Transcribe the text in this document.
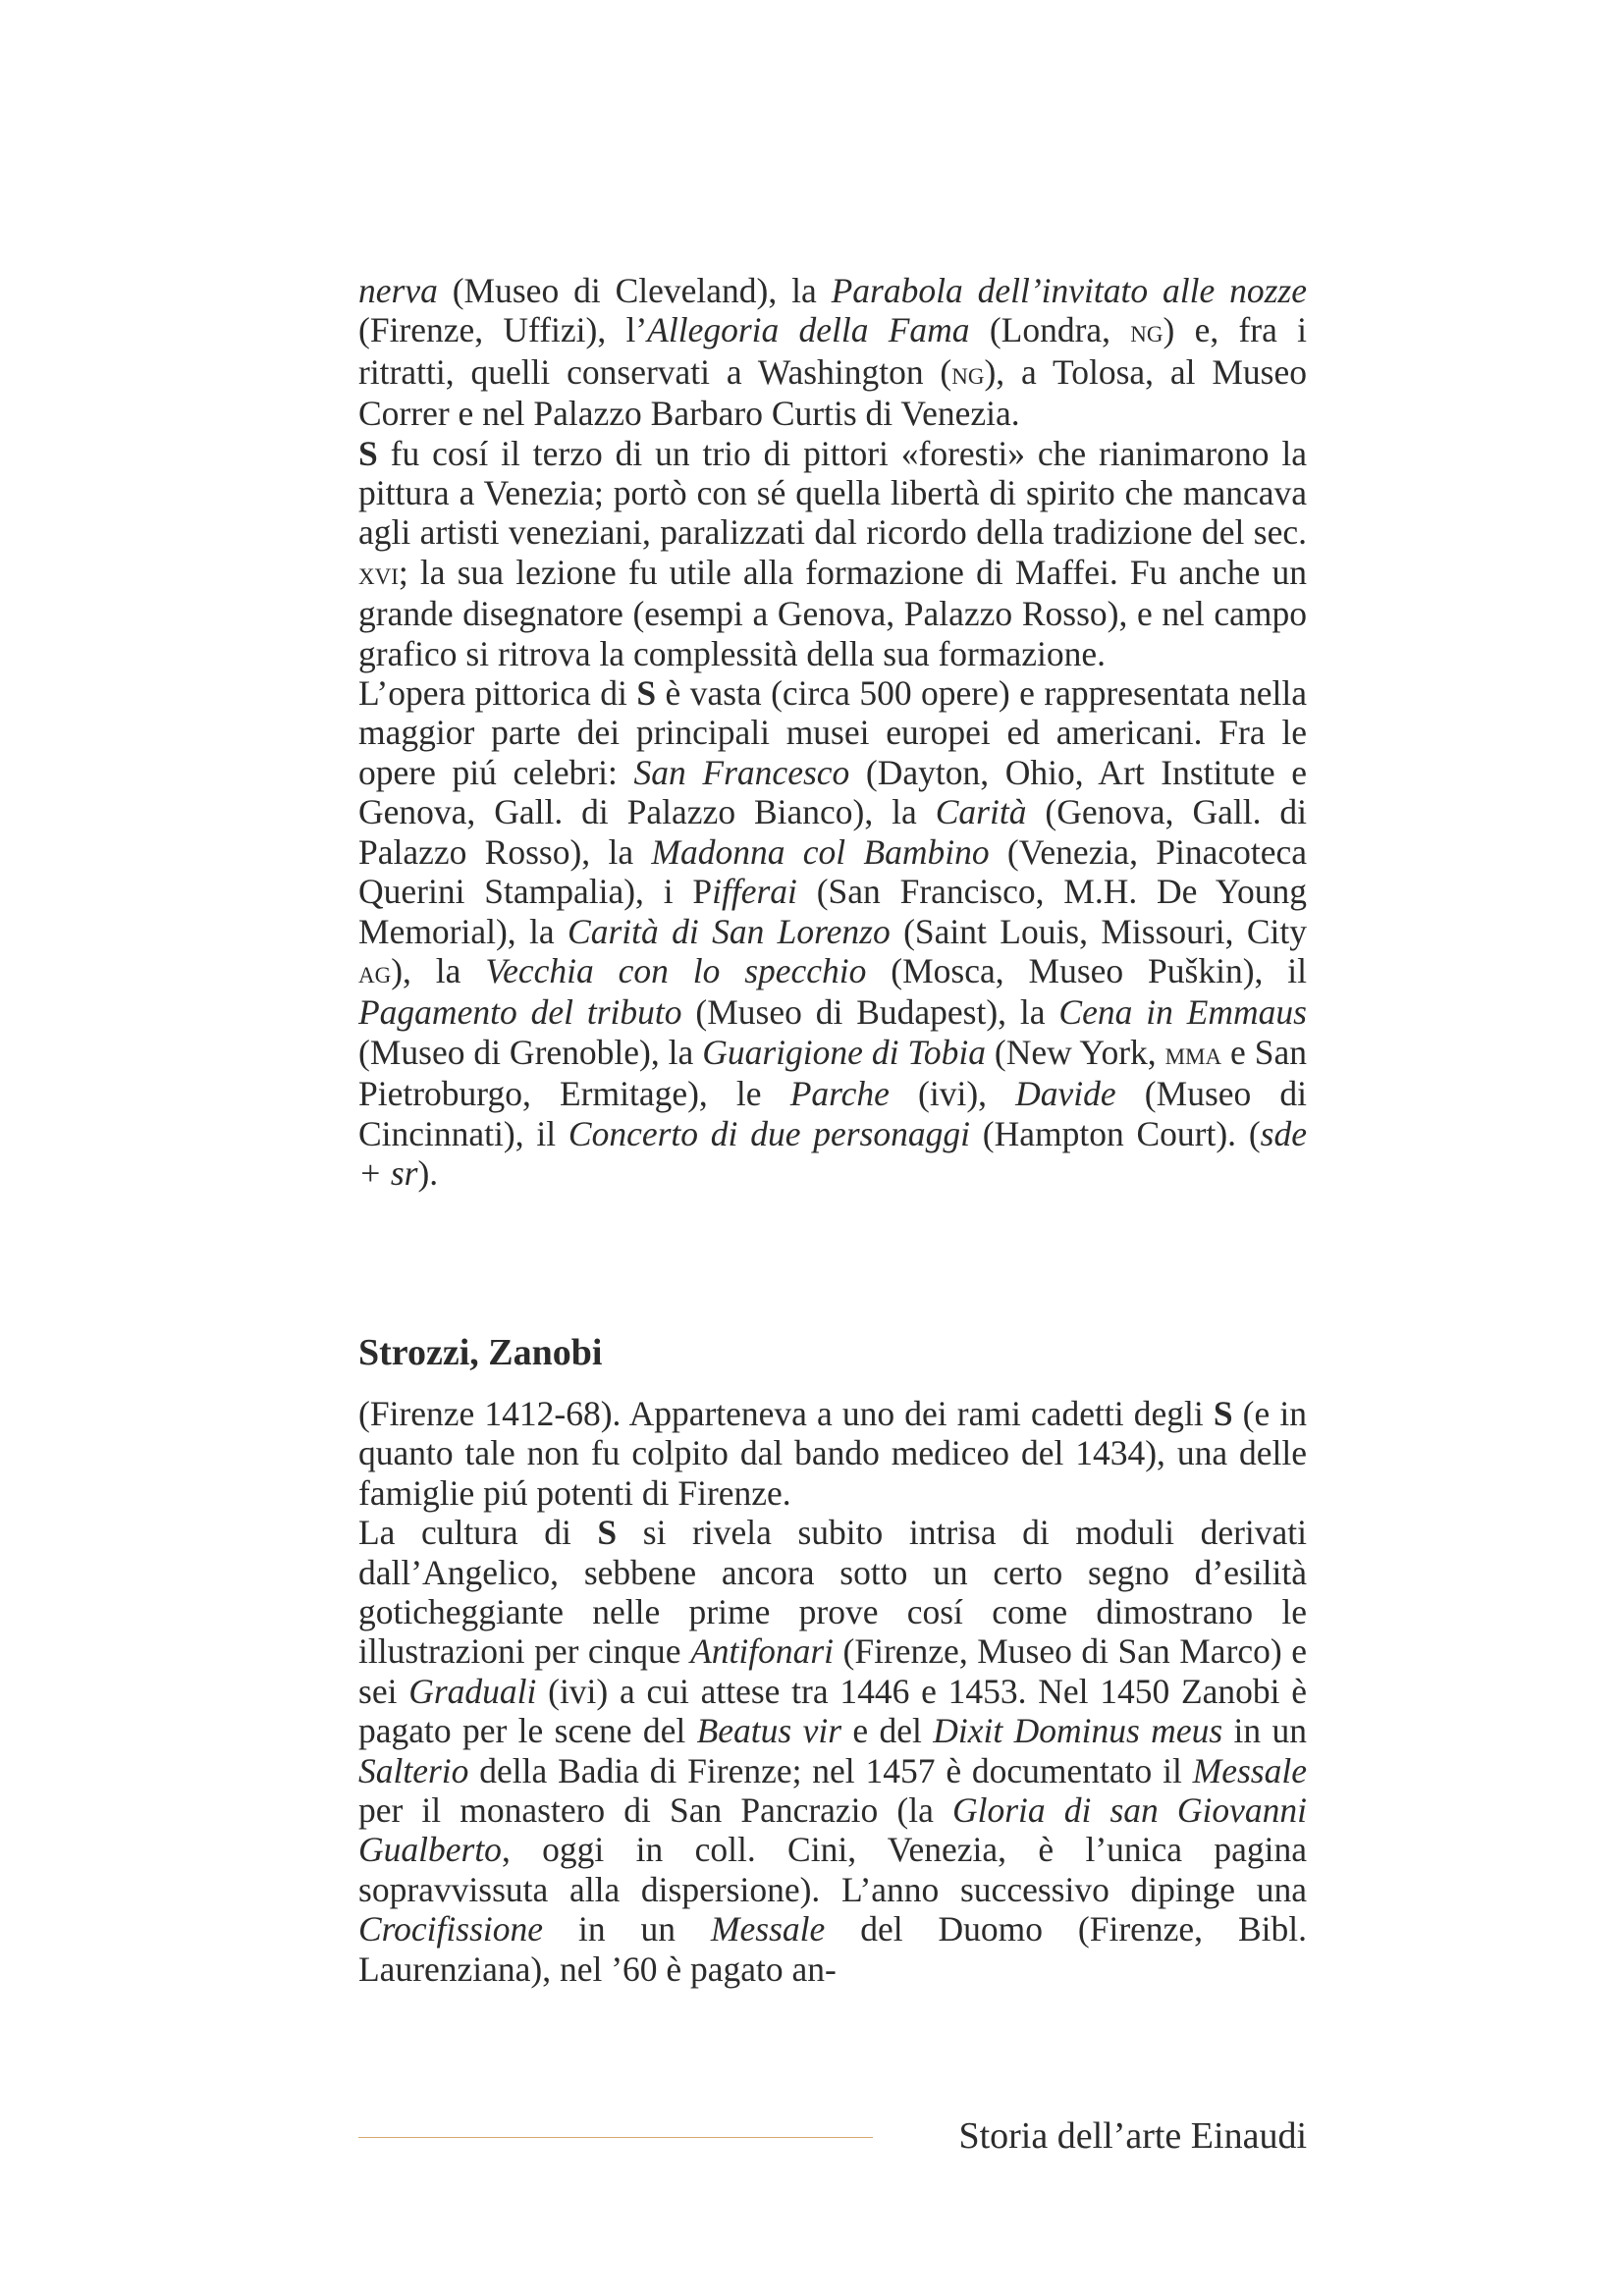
nerva (Museo di Cleveland), la Parabola dell’invitato alle nozze (Firenze, Uffizi), l’Allegoria della Fama (Londra, ng) e, fra i ritratti, quelli conservati a Washington (ng), a Tolosa, al Museo Correr e nel Palazzo Barbaro Curtis di Venezia.

S fu cosí il terzo di un trio di pittori «foresti» che rianimarono la pittura a Venezia; portò con sé quella libertà di spirito che mancava agli artisti veneziani, paralizzati dal ricordo della tradizione del sec. xvi; la sua lezione fu utile alla formazione di Maffei. Fu anche un grande disegnatore (esempi a Genova, Palazzo Rosso), e nel campo grafico si ritrova la complessità della sua formazione.

L’opera pittorica di S è vasta (circa 500 opere) e rappresentata nella maggior parte dei principali musei europei ed americani. Fra le opere piú celebri: San Francesco (Dayton, Ohio, Art Institute e Genova, Gall. di Palazzo Bianco), la Carità (Genova, Gall. di Palazzo Rosso), la Madonna col Bambino (Venezia, Pinacoteca Querini Stampalia), i Pifferai (San Francisco, M.H. De Young Memorial), la Carità di San Lorenzo (Saint Louis, Missouri, City ag), la Vecchia con lo specchio (Mosca, Museo Puškin), il Pagamento del tributo (Museo di Budapest), la Cena in Emmaus (Museo di Grenoble), la Guarigione di Tobia (New York, mma e San Pietroburgo, Ermitage), le Parche (ivi), Davide (Museo di Cincinnati), il Concerto di due personaggi (Hampton Court). (sde + sr).

Strozzi, Zanobi

(Firenze 1412-68). Apparteneva a uno dei rami cadetti degli S (e in quanto tale non fu colpito dal bando mediceo del 1434), una delle famiglie piú potenti di Firenze.

La cultura di S si rivela subito intrisa di moduli derivati dall’Angelico, sebbene ancora sotto un certo segno d’esilità goticheggiante nelle prime prove cosí come dimostrano le illustrazioni per cinque Antifonari (Firenze, Museo di San Marco) e sei Graduali (ivi) a cui attese tra 1446 e 1453. Nel 1450 Zanobi è pagato per le scene del Beatus vir e del Dixit Dominus meus in un Salterio della Badia di Firenze; nel 1457 è documentato il Messale per il monastero di San Pancrazio (la Gloria di san Giovanni Gualberto, oggi in coll. Cini, Venezia, è l’unica pagina sopravvissuta alla dispersione). L’anno successivo dipinge una Crocifissione in un Messale del Duomo (Firenze, Bibl. Laurenziana), nel ’60 è pagato an-

Storia dell’arte Einaudi
